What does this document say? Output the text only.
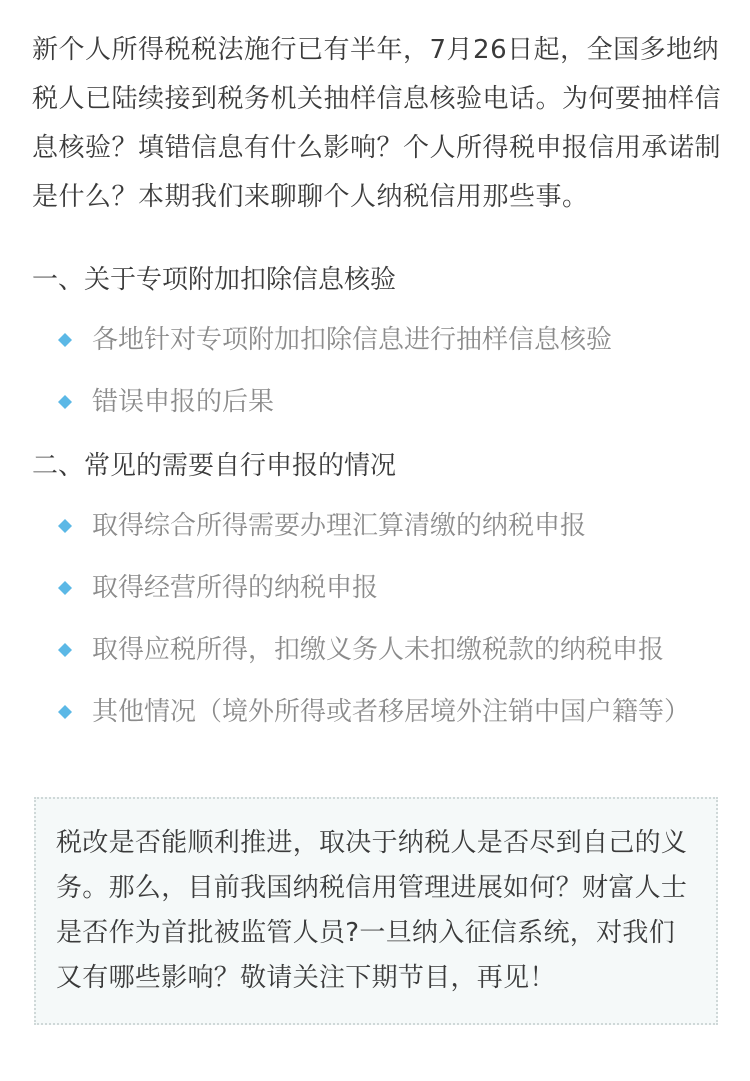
新个人所得税税法施行已有半年，7月26日起，全国多地纳税人已陆续接到税务机关抽样信息核验电话。为何要抽样信息核验？填错信息有什么影响？个人所得税申报信用承诺制是什么？本期我们来聊聊个人纳税信用那些事。

一、关于专项附加扣除信息核验
各地针对专项附加扣除信息进行抽样信息核验
错误申报的后果
二、常见的需要自行申报的情况
取得综合所得需要办理汇算清缴的纳税申报
取得经营所得的纳税申报
取得应税所得，扣缴义务人未扣缴税款的纳税申报
其他情况（境外所得或者移居境外注销中国户籍等）

税改是否能顺利推进，取决于纳税人是否尽到自己的义务。那么，目前我国纳税信用管理进展如何？财富人士是否作为首批被监管人员?一旦纳入征信系统，对我们又有哪些影响？敬请关注下期节目，再见！
